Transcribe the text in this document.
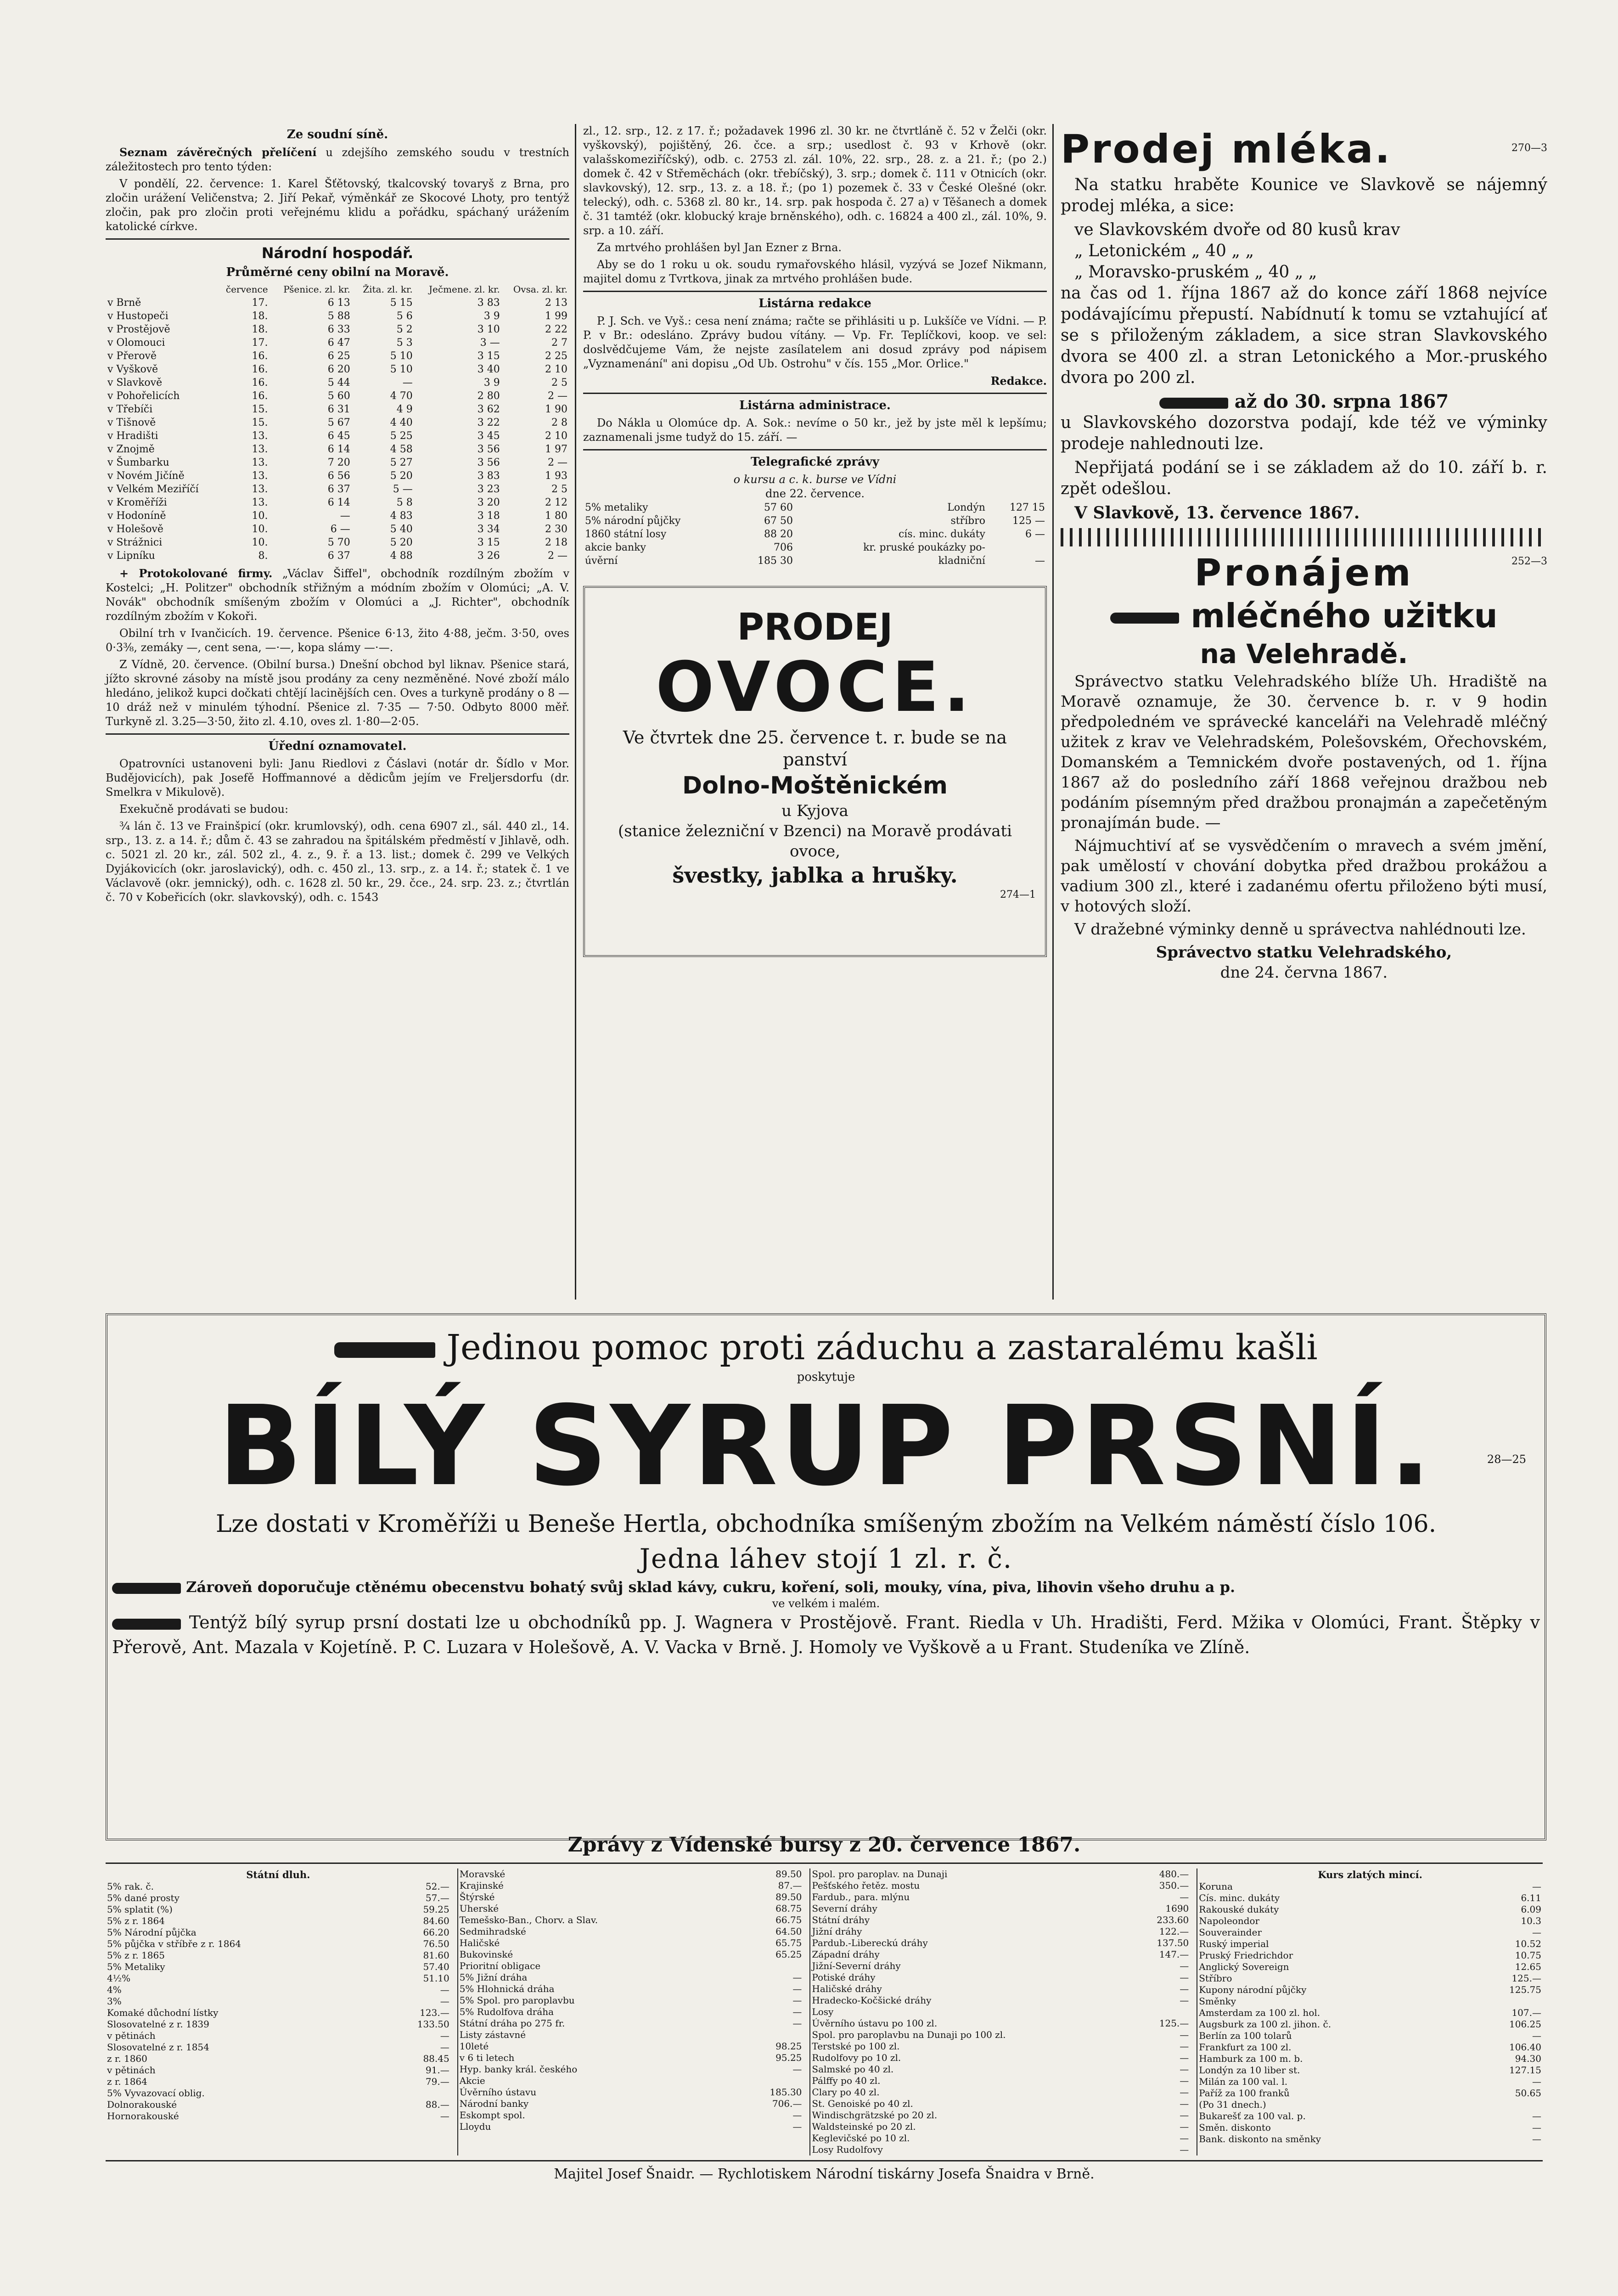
Ze soudní síně.

Seznam závěrečných přelíčení u zdejšího zemského soudu v trestních záležitostech pro tento týden:

V pondělí, 22. července: 1. Karel Šťětovský, tkalcovský tovaryš z Brna, pro zločin urážení Veličenstva; 2. Jiří Pekař, výměnkář ze Skocové Lhoty, pro tentýž zločin, pak pro zločin proti veřejnému klidu a pořádku, spáchaný urážením katolické církve.

Národní hospodář.
Průměrné ceny obilní na Moravě.
	července	Pšenice. zl. kr.	Žita. zl. kr.	Ječmene. zl. kr.	Ovsa. zl. kr.
v Brně	17.	6 13	5 15	3 83	2 13
v Hustopeči	18.	5 88	5 6	3 9	1 99
v Prostějově	18.	6 33	5 2	3 10	2 22
v Olomouci	17.	6 47	5 3	3 —	2 7
v Přerově	16.	6 25	5 10	3 15	2 25
v Vyškově	16.	6 20	5 10	3 40	2 10
v Slavkově	16.	5 44	—	3 9	2 5
v Pohořelicích	16.	5 60	4 70	2 80	2 —
v Třebíči	15.	6 31	4 9	3 62	1 90
v Tišnově	15.	5 67	4 40	3 22	2 8
v Hradišti	13.	6 45	5 25	3 45	2 10
v Znojmě	13.	6 14	4 58	3 56	1 97
v Šumbarku	13.	7 20	5 27	3 56	2 —
v Novém Jičíně	13.	6 56	5 20	3 83	1 93
v Velkém Meziříčí	13.	6 37	5 —	3 23	2 5
v Kroměříži	13.	6 14	5 8	3 20	2 12
v Hodoníně	10.	—	4 83	3 18	1 80
v Holešově	10.	6 —	5 40	3 34	2 30
v Strážnici	10.	5 70	5 20	3 15	2 18
v Lipníku	8.	6 37	4 88	3 26	2 —

+ Protokolované firmy. „Václav Šiffel", obchodník rozdílným zbožím v Kostelci; „H. Politzer" obchodník střižným a módním zbožím v Olomúci; „A. V. Novák" obchodník smíšeným zbožím v Olomúci a „J. Richter", obchodník rozdílným zbožím v Kokoři.

Obilní trh v Ivančicích. 19. července. Pšenice 6·13, žito 4·88, ječm. 3·50, oves 0·3⅜, zemáky —, cent sena, —·—, kopa slámy —·—.

Z Vídně, 20. července. (Obilní bursa.) Dnešní obchod byl liknav. Pšenice stará, jížto skrovné zásoby na místě jsou prodány za ceny nezměněné. Nové zboží málo hledáno, jelikož kupci dočkati chtějí lacinějších cen. Oves a turkyně prodány o 8 — 10 dráž než v minulém týhodní. Pšenice zl. 7·35 — 7·50. Odbyto 8000 měř. Turkyně zl. 3.25—3·50, žito zl. 4.10, oves zl. 1·80—2·05.

Úřední oznamovatel.

Opatrovníci ustanoveni byli: Janu Riedlovi z Čáslavi (notár dr. Šídlo v Mor. Budějovicích), pak Josefě Hoffmannové a dědicům jejím ve Freljersdorfu (dr. Smelkra v Mikulově).

Exekučně prodávati se budou:

¾ lán č. 13 ve Frainšpicí (okr. krumlovský), odh. cena 6907 zl., sál. 440 zl., 14. srp., 13. z. a 14. ř.; dům č. 43 se zahradou na špitálském předměstí v Jihlavě, odh. c. 5021 zl. 20 kr., zál. 502 zl., 4. z., 9. ř. a 13. list.; domek č. 299 ve Velkých Dyjákovicích (okr. jaroslavický), odh. c. 450 zl., 13. srp., z. a 14. ř.; statek č. 1 ve Václavově (okr. jemnický), odh. c. 1628 zl. 50 kr., 29. čce., 24. srp. 23. z.; čtvrtlán č. 70 v Kobeřicích (okr. slavkovský), odh. c. 1543

zl., 12. srp., 12. z 17. ř.; požadavek 1996 zl. 30 kr. ne čtvrtláně č. 52 v Želči (okr. vyškovský), pojištěný, 26. čce. a srp.; usedlost č. 93 v Krhově (okr. valašskomeziříčský), odb. c. 2753 zl. zál. 10%, 22. srp., 28. z. a 21. ř.; (po 2.) domek č. 42 v Střeměchách (okr. třebíčský), 3. srp.; domek č. 111 v Otnicích (okr. slavkovský), 12. srp., 13. z. a 18. ř.; (po 1) pozemek č. 33 v České Olešné (okr. telecký), odh. c. 5368 zl. 80 kr., 14. srp. pak hospoda č. 27 a) v Těšanech a domek č. 31 tamtéž (okr. klobucký kraje brněnského), odh. c. 16824 a 400 zl., zál. 10%, 9. srp. a 10. září.

Za mrtvého prohlášen byl Jan Ezner z Brna.

Aby se do 1 roku u ok. soudu rymařovského hlásil, vyzývá se Jozef Nikmann, majitel domu z Tvrtkova, jinak za mrtvého prohlášen bude.

Listárna redakce

P. J. Sch. ve Vyš.: cesa není známa; račte se přihlásiti u p. Lukšíče ve Vídni. — P. P. v Br.: odesláno. Zprávy budou vítány. — Vp. Fr. Teplíčkovi, koop. ve sel: doslvědčujeme Vám, že nejste zasílatelem ani dosud zprávy pod nápisem „Vyznamenání" ani dopisu „Od Ub. Ostrohu" v čís. 155 „Mor. Orlice."

Redakce.
Listárna administrace.

Do Nákla u Olomúce dp. A. Sok.: nevíme o 50 kr., jež by jste měl k lepšímu; zaznamenali jsme tudyž do 15. září. —

Telegrafické zprávy
o kursu a c. k. burse ve Vídni
dne 22. července.
5% metaliky	57 60	Londýn	127 15
5% národní půjčky	67 50	stříbro	125 —
1860 státní losy	88 20	cís. minc. dukáty	6 —
akcie banky	706	kr. pruské poukázky po-	
úvěrní	185 30	kladniční	—
PRODEJ
OVOCE.
Ve čtvrtek dne 25. července t. r. bude se na panství
Dolno-Moštěnickém
u Kyjova
(stanice železniční v Bzenci) na Moravě prodávati ovoce,
švestky, jablka a hrušky.
274—1
Prodej mléka.	270—3

Na statku hraběte Kounice ve Slavkově se nájemný prodej mléka, a sice:

ve Slavkovském dvoře od 80 kusů krav
„ Letonickém „ 40 „ „
„ Moravsko-pruském „ 40 „ „

na čas od 1. října 1867 až do konce září 1868 nejvíce podávajícímu přepustí. Nabídnutí k tomu se vztahující ať se s přiloženým základem, a sice stran Slavkovského dvora se 400 zl. a stran Letonického a Mor.-pruského dvora po 200 zl.

až do 30. srpna 1867

u Slavkovského dozorstva podají, kde též ve výminky prodeje nahlednouti lze.

Nepřijatá podání se i se základem až do 10. září b. r. zpět odešlou.

V Slavkově, 13. července 1867.
Pronájem	252—3
mléčného užitku
na Velehradě.

Správectvo statku Velehradského blíže Uh. Hradiště na Moravě oznamuje, že 30. července b. r. v 9 hodin předpoledném ve správecké kanceláři na Velehradě mléčný užitek z krav ve Velehradském, Polešovském, Ořechovském, Domanském a Temnickém dvoře postavených, od 1. října 1867 až do posledního září 1868 veřejnou dražbou neb podáním písemným před dražbou pronajmán a zapečetěným pronajímán bude. —

Nájmuchtiví ať se vysvědčením o mravech a svém jmění, pak umělostí v chování dobytka před dražbou prokážou a vadium 300 zl., které i zadanému ofertu přiloženo býti musí, v hotových složí.

V dražebné výminky denně u správectva nahlédnouti lze.

Správectvo statku Velehradského,
dne 24. června 1867.
Jedinou pomoc proti záduchu a zastaralému kašli
poskytuje
BÍLÝ SYRUP PRSNÍ.	28—25
Lze dostati v Kroměříži u Beneše Hertla, obchodníka smíšeným zbožím na Velkém náměstí číslo 106.
Jedna láhev stojí 1 zl. r. č.
Zároveň doporučuje ctěnému obecenstvu bohatý svůj sklad kávy, cukru, koření, soli, mouky, vína, piva, lihovin všeho druhu a p.
ve velkém i malém.
Tentýž bílý syrup prsní dostati lze u obchodníků pp. J. Wagnera v Prostějově. Frant. Riedla v Uh. Hradišti, Ferd. Mžika v Olomúci, Frant. Štěpky v Přerově, Ant. Mazala v Kojetíně. P. C. Luzara v Holešově, A. V. Vacka v Brně. J. Homoly ve Vyškově a u Frant. Studeníka ve Zlíně.
Zprávy z Vídenské bursy z 20. července 1867.
Státní dluh.
5% rak. č.	52.—
5% dané prosty	57.—
5% splatit (%)	59.25
5% z r. 1864	84.60
5% Národní půjčka	66.20
5% půjčka v stříbře z r. 1864	76.50
5% z r. 1865	81.60
5% Metaliky	57.40
4½%	51.10
4%	—
3%	—
Komaké důchodní lístky	123.—
Slosovatelné z r. 1839	133.50
v pětinách	—
Slosovatelné z r. 1854	—
z r. 1860	88.45
v pětinách	91.—
z r. 1864	79.—
5% Vyvazovací oblig.	
Dolnorakouské	88.—
Hornorakouské	—
Moravské	89.50
Krajinské	87.—
Štýrské	89.50
Uherské	68.75
Temešsko-Ban., Chorv. a Slav.	66.75
Sedmihradské	64.50
Haličské	65.75
Bukovinské	65.25
Prioritní obligace	
5% Jižní dráha	—
5% Hlohnická dráha	—
5% Spol. pro paroplavbu	—
5% Rudolfova dráha	—
Státní dráha po 275 fr.	—
Listy zástavné	
10leté	98.25
v 6 ti letech	95.25
Hyp. banky král. českého	—
Akcie	
Úvěrního ústavu	185.30
Národní banky	706.—
Eskompt spol.	—
Lloydu	—
Spol. pro paroplav. na Dunaji	480.—
Pešťského řetěz. mostu	350.—
Fardub., para. mlýnu	—
Severní dráhy	1690
Státní dráhy	233.60
Jižní dráhy	122.—
Pardub.-Libereckú dráhy	137.50
Západní dráhy	147.—
Jižní-Severní dráhy	—
Potiské dráhy	—
Haličské dráhy	—
Hradecko-Kočšické dráhy	—
Losy	
Úvěrního ústavu po 100 zl.	125.—
Spol. pro paroplavbu na Dunaji po 100 zl.	—
Terstské po 100 zl.	—
Rudolfovy po 10 zl.	—
Salmské po 40 zl.	—
Pálffy po 40 zl.	—
Clary po 40 zl.	—
St. Genoiské po 40 zl.	—
Windischgrätzské po 20 zl.	—
Waldsteinské po 20 zl.	—
Keglevičské po 10 zl.	—
Losy Rudolfovy	—
Kurs zlatých mincí.
Koruna	—
Cís. minc. dukáty	6.11
Rakouské dukáty	6.09
Napoleondor	10.3
Souverainder	—
Ruský imperial	10.52
Pruský Friedrichdor	10.75
Anglický Sovereign	12.65
Stříbro	125.—
Kupony národní půjčky	125.75
Směnky	
Amsterdam za 100 zl. hol.	107.—
Augsburk za 100 zl. jihon. č.	106.25
Berlín za 100 tolarů	—
Frankfurt za 100 zl.	106.40
Hamburk za 100 m. b.	94.30
Londýn za 10 liber st.	127.15
Milán za 100 val. l.	—
Paříž za 100 franků	50.65
(Po 31 dnech.)	
Bukarešť za 100 val. p.	—
Směn. diskonto	—
Bank. diskonto na směnky	—
Majitel Josef Šnaidr. — Rychlotiskem Národní tiskárny Josefa Šnaidra v Brně.
